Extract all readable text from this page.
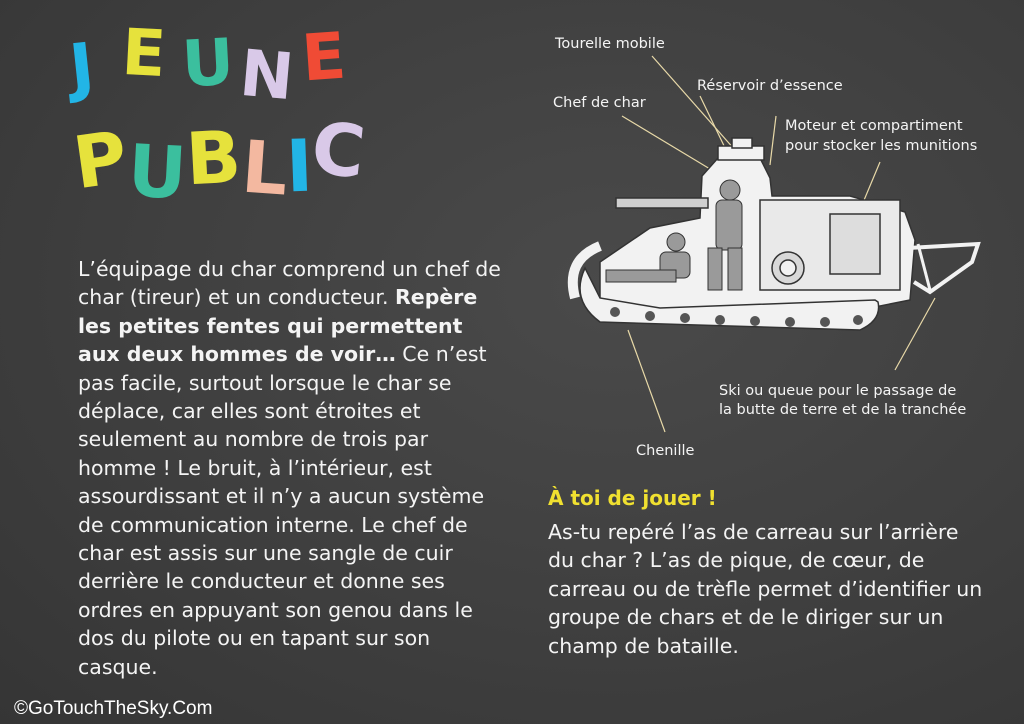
J E U N E
P
U
B
L
I
C
L’équipage du char comprend un chef de char (tireur) et un conducteur. Repère les petites fentes qui permettent aux deux hommes de voir… Ce n’est pas facile, surtout lorsque le char se déplace, car elles sont étroites et seulement au nombre de trois par homme ! Le bruit, à l’intérieur, est assourdissant et il n’y a aucun système de communication interne. Le chef de char est assis sur une sangle de cuir derrière le conducteur et donne ses ordres en appuyant son genou dans le dos du pilote ou en tapant sur son casque.
Tourelle mobile
Réservoir d’essence
Chef de char
Moteur et compartiment
pour stocker les munitions
Ski ou queue pour le passage de
la butte de terre et de la tranchée
Chenille
À toi de jouer !
As-tu repéré l’as de carreau sur l’arrière du char ? L’as de pique, de cœur, de carreau ou de trèfle permet d’identifier un groupe de chars et de le diriger sur un champ de bataille.
©GoTouchTheSky.Com
